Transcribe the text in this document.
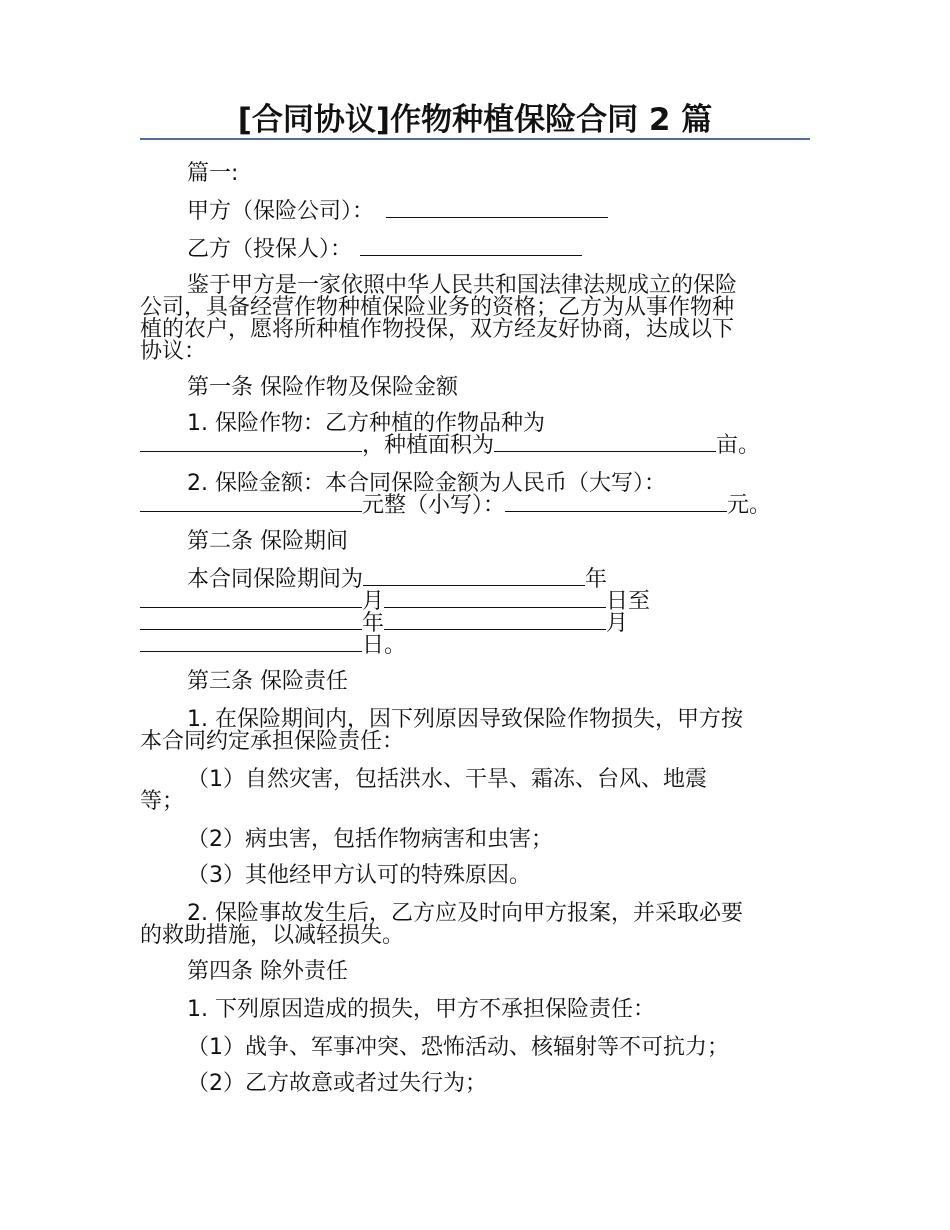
[合同协议]作物种植保险合同 2 篇
篇一:
甲方（保险公司）：
乙方（投保人）：
鉴于甲方是一家依照中华人民共和国法律法规成立的保险
公司，具备经营作物种植保险业务的资格；乙方为从事作物种
植的农户，愿将所种植作物投保，双方经友好协商，达成以下
协议：
第一条 保险作物及保险金额
1. 保险作物：乙方种植的作物品种为
，种植面积为	亩。
2. 保险金额：本合同保险金额为人民币（大写）：
元整（小写）：	元。
第二条 保险期间
本合同保险期间为	年
月	日至
年	月
日。
第三条 保险责任
1. 在保险期间内，因下列原因导致保险作物损失，甲方按
本合同约定承担保险责任：
（1）自然灾害，包括洪水、干旱、霜冻、台风、地震
等；
（2）病虫害，包括作物病害和虫害；
（3）其他经甲方认可的特殊原因。
2. 保险事故发生后，乙方应及时向甲方报案，并采取必要
的救助措施，以减轻损失。
第四条 除外责任
1. 下列原因造成的损失，甲方不承担保险责任：
（1）战争、军事冲突、恐怖活动、核辐射等不可抗力；
（2）乙方故意或者过失行为；
